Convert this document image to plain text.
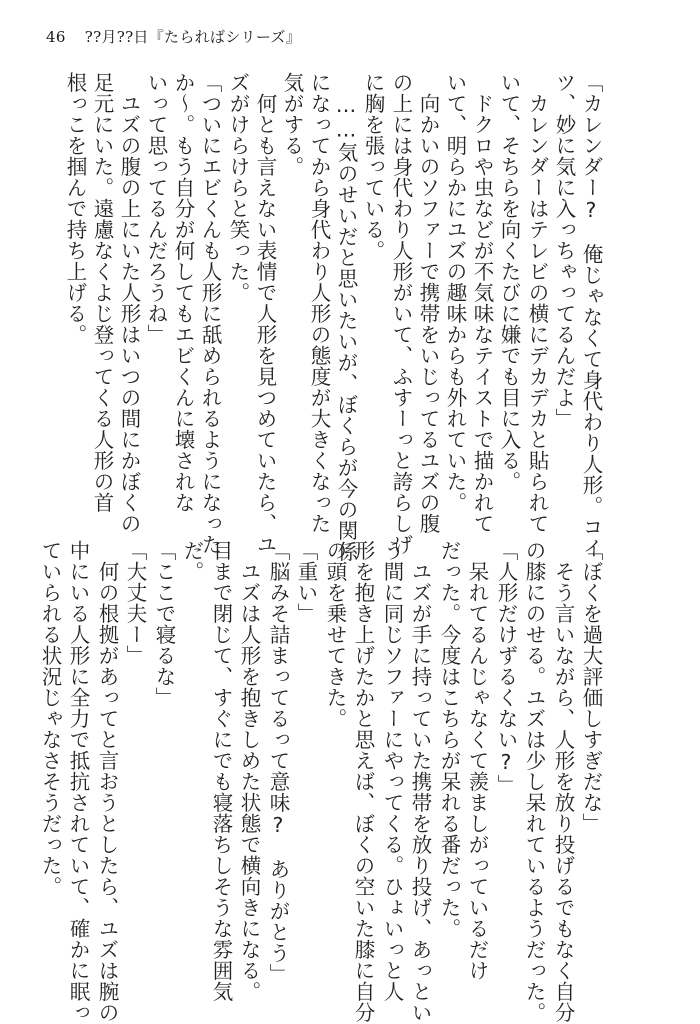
46 ??月??日『たらればシリーズ』
「カレンダー?　俺じゃなくて身代わり人形。コイ
ツ、妙に気に入っちゃってるんだよ」
　カレンダーはテレビの横にデカデカと貼られて
いて、そちらを向くたびに嫌でも目に入る。
　ドクロや虫などが不気味なテイストで描かれて
いて、明らかにユズの趣味からも外れていた。
　向かいのソファーで携帯をいじってるユズの腹
の上には身代わり人形がいて、ふすーっと誇らしげ
に胸を張っている。
　……気のせいだと思いたいが、ぼくらが今の関係
になってから身代わり人形の態度が大きくなった
気がする。
　何とも言えない表情で人形を見つめていたら、ユ
ズがけらけらと笑った。
「ついにエビくんも人形に舐められるようになった
か〜。もう自分が何してもエビくんに壊されな
いって思ってるんだろうね」
　ユズの腹の上にいた人形はいつの間にかぼくの
足元にいた。遠慮なくよじ登ってくる人形の首
根っこを掴んで持ち上げる。
「ぼくを過大評価しすぎだな」
　そう言いながら、人形を放り投げるでもなく自分
の膝にのせる。ユズは少し呆れているようだった。
「人形だけずるくない?」
　呆れてるんじゃなくて羨ましがっているだけ
だった。今度はこちらが呆れる番だった。
　ユズが手に持っていた携帯を放り投げ、あっとい
う間に同じソファーにやってくる。ひょいっと人
形を抱き上げたかと思えば、ぼくの空いた膝に自分
の頭を乗せてきた。
「重い」
「脳みそ詰まってるって意味?　ありがとう」
　ユズは人形を抱きしめた状態で横向きになる。
目まで閉じて、すぐにでも寝落ちしそうな雰囲気
だ。
「ここで寝るな」
「大丈夫ー」
　何の根拠があってと言おうとしたら、ユズは腕の
中にいる人形に全力で抵抗されていて、確かに眠っ
ていられる状況じゃなさそうだった。
